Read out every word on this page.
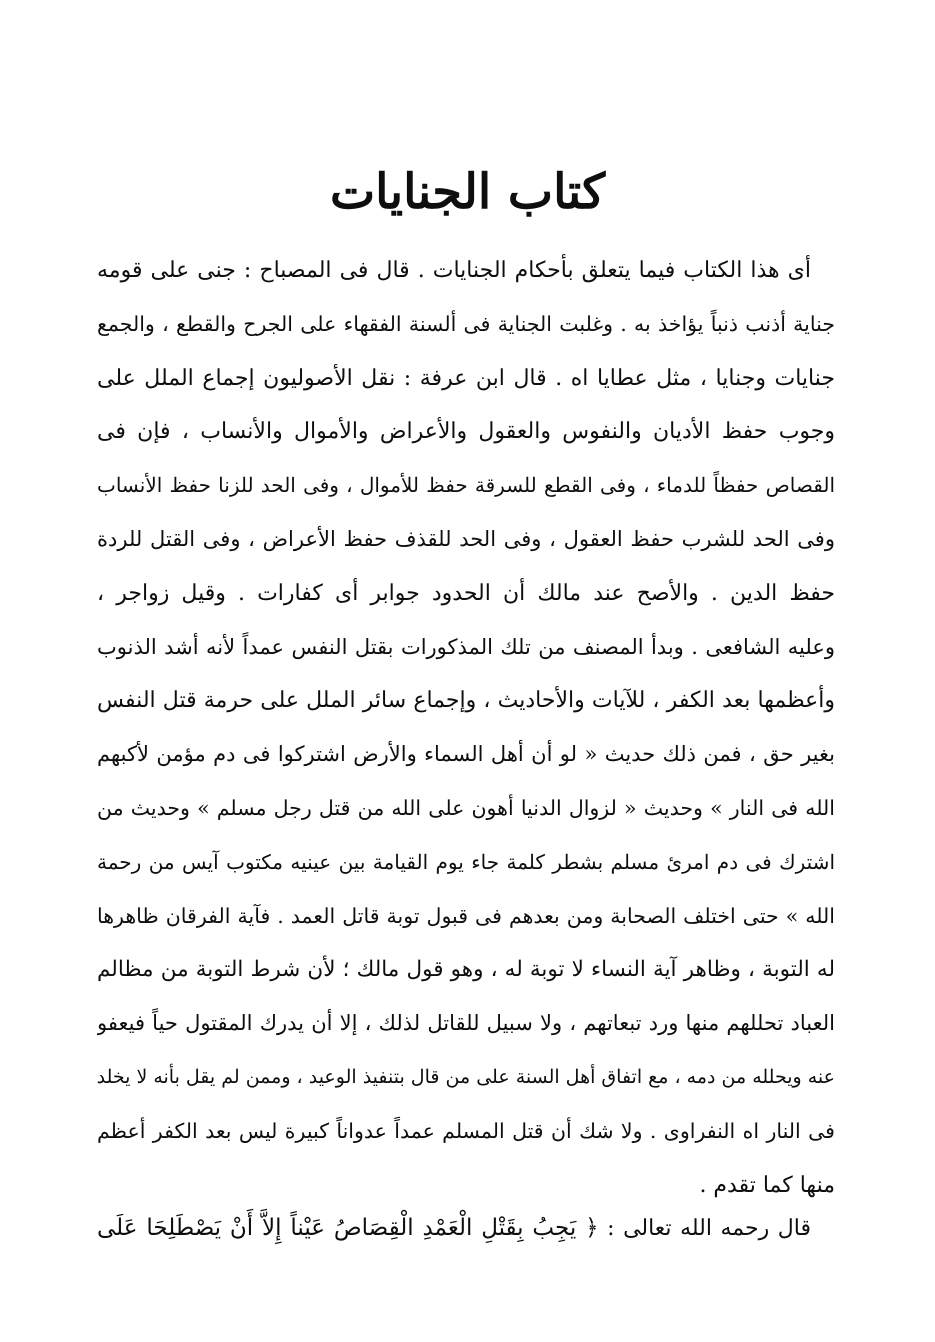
كتاب الجنايات
أى هذا الكتاب فيما يتعلق بأحكام الجنايات . قال فى المصباح : جنى على قومه
جناية أذنب ذنباً يؤاخذ به . وغلبت الجناية فى ألسنة الفقهاء على الجرح والقطع ، والجمع
جنايات وجنايا ، مثل عطايا اه . قال ابن عرفة : نقل الأصوليون إجماع الملل على
وجوب حفظ الأديان والنفوس والعقول والأعراض والأموال والأنساب ، فإن فى
القصاص حفظاً للدماء ، وفى القطع للسرقة حفظ للأموال ، وفى الحد للزنا حفظ الأنساب
وفى الحد للشرب حفظ العقول ، وفى الحد للقذف حفظ الأعراض ، وفى القتل للردة
حفظ الدين . والأصح عند مالك أن الحدود جوابر أى كفارات . وقيل زواجر ،
وعليه الشافعى . وبدأ المصنف من تلك المذكورات بقتل النفس عمداً لأنه أشد الذنوب
وأعظمها بعد الكفر ، للآيات والأحاديث ، وإجماع سائر الملل على حرمة قتل النفس
بغير حق ، فمن ذلك حديث « لو أن أهل السماء والأرض اشتركوا فى دم مؤمن لأكبهم
الله فى النار » وحديث « لزوال الدنيا أهون على الله من قتل رجل مسلم » وحديث من
اشترك فى دم امرئ مسلم بشطر كلمة جاء يوم القيامة بين عينيه مكتوب آيس من رحمة
الله » حتى اختلف الصحابة ومن بعدهم فى قبول توبة قاتل العمد . فآية الفرقان ظاهرها
له التوبة ، وظاهر آية النساء لا توبة له ، وهو قول مالك ؛ لأن شرط التوبة من مظالم
العباد تحللهم منها ورد تبعاتهم ، ولا سبيل للقاتل لذلك ، إلا أن يدرك المقتول حياً فيعفو
عنه ويحلله من دمه ، مع اتفاق أهل السنة على من قال بتنفيذ الوعيد ، وممن لم يقل بأنه لا يخلد
فى النار اه النفراوى . ولا شك أن قتل المسلم عمداً عدواناً كبيرة ليس بعد الكفر أعظم
منها كما تقدم .
قال رحمه الله تعالى : ﴿ يَجِبُ بِقَتْلِ الْعَمْدِ الْقِصَاصُ عَيْناً إِلاَّ أَنْ يَصْطَلِحَا عَلَى
